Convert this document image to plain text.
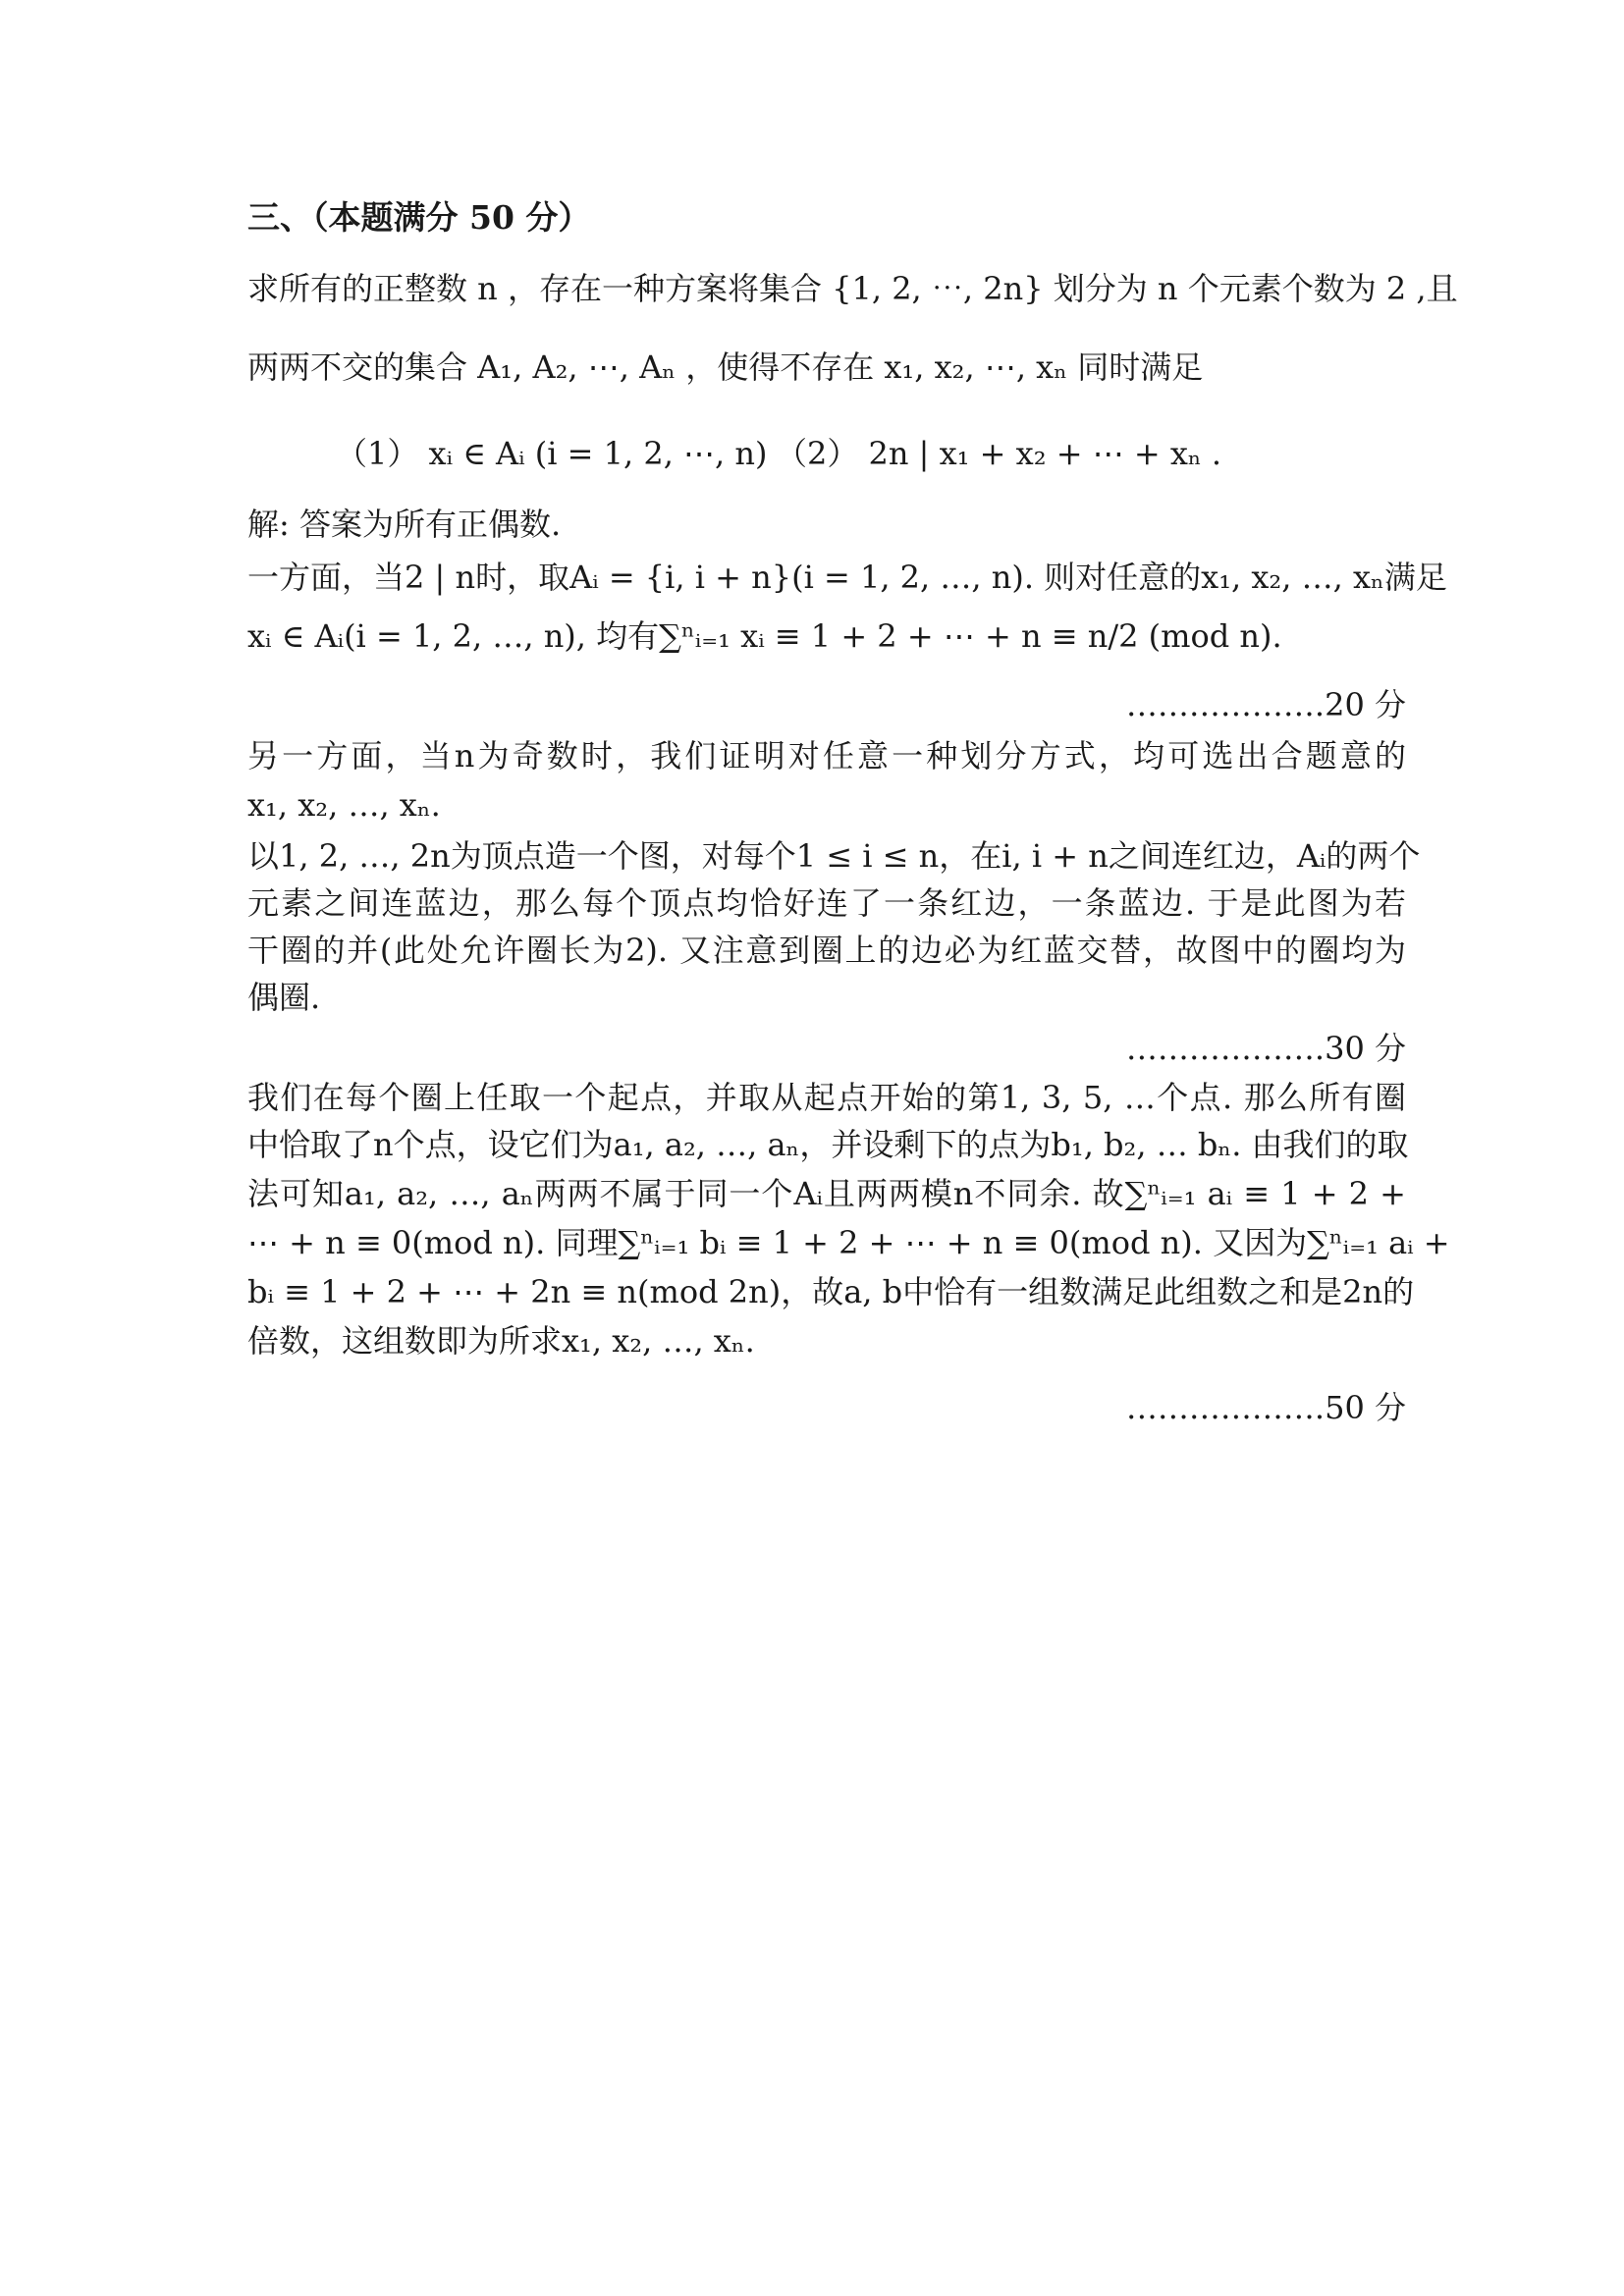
三、（本题满分 50 分）
求所有的正整数 n ，存在一种方案将集合 {1, 2, ⋯, 2n} 划分为 n 个元素个数为 2 ,且
两两不交的集合 A₁, A₂, ⋯, Aₙ ，使得不存在 x₁, x₂, ⋯, xₙ 同时满足
（1） xᵢ ∈ Aᵢ (i = 1, 2, ⋯, n) （2） 2n | x₁ + x₂ + ⋯ + xₙ .
解: 答案为所有正偶数.
一方面，当2 | n时，取Aᵢ = {i, i + n}(i = 1, 2, …, n). 则对任意的x₁, x₂, …, xₙ满足
xᵢ ∈ Aᵢ(i = 1, 2, …, n), 均有∑ⁿᵢ₌₁ xᵢ ≡ 1 + 2 + ⋯ + n ≡ n/2 (mod n).
……………….20 分
另一方面，当n为奇数时，我们证明对任意一种划分方式，均可选出合题意的
x₁, x₂, …, xₙ.
以1, 2, …, 2n为顶点造一个图，对每个1 ≤ i ≤ n，在i, i + n之间连红边，Aᵢ的两个
元素之间连蓝边，那么每个顶点均恰好连了一条红边，一条蓝边. 于是此图为若
干圈的并(此处允许圈长为2). 又注意到圈上的边必为红蓝交替，故图中的圈均为
偶圈.
……………….30 分
我们在每个圈上任取一个起点，并取从起点开始的第1, 3, 5, …个点. 那么所有圈
中恰取了n个点，设它们为a₁, a₂, …, aₙ，并设剩下的点为b₁, b₂, … bₙ. 由我们的取
法可知a₁, a₂, …, aₙ两两不属于同一个Aᵢ且两两模n不同余. 故∑ⁿᵢ₌₁ aᵢ ≡ 1 + 2 +
⋯ + n ≡ 0(mod n). 同理∑ⁿᵢ₌₁ bᵢ ≡ 1 + 2 + ⋯ + n ≡ 0(mod n). 又因为∑ⁿᵢ₌₁ aᵢ +
bᵢ ≡ 1 + 2 + ⋯ + 2n ≡ n(mod 2n)，故a, b中恰有一组数满足此组数之和是2n的
倍数，这组数即为所求x₁, x₂, …, xₙ.
……………….50 分
